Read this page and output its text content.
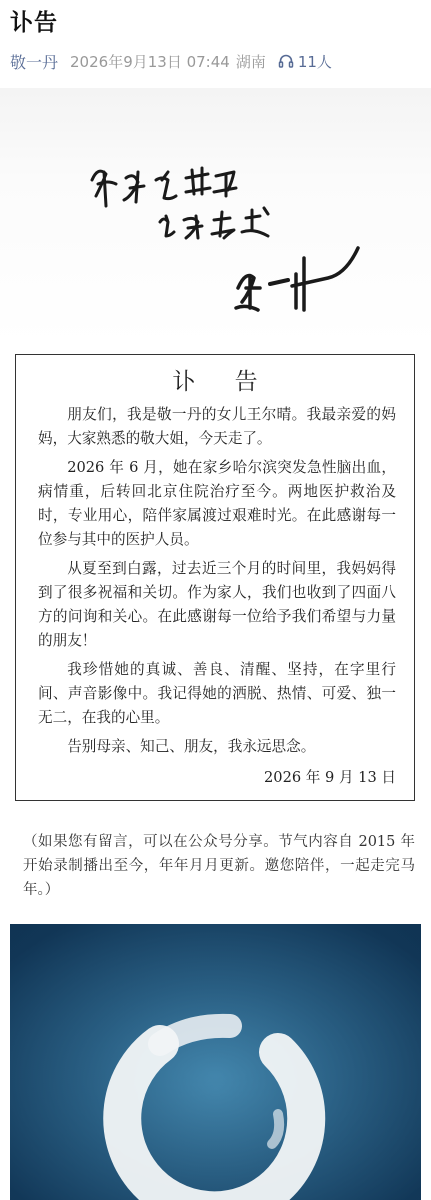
讣告
敬一丹 2026年9月13日 07:44 湖南 11人
讣 告

朋友们，我是敬一丹的女儿王尔晴。我最亲爱的妈妈，大家熟悉的敬大姐，今天走了。

2026 年 6 月，她在家乡哈尔滨突发急性脑出血，病情重，后转回北京住院治疗至今。两地医护救治及时，专业用心，陪伴家属渡过艰难时光。在此感谢每一位参与其中的医护人员。

从夏至到白露，过去近三个月的时间里，我妈妈得到了很多祝福和关切。作为家人，我们也收到了四面八方的问询和关心。在此感谢每一位给予我们希望与力量的朋友！

我珍惜她的真诚、善良、清醒、坚持，在字里行间、声音影像中。我记得她的洒脱、热情、可爱、独一无二，在我的心里。

告别母亲、知己、朋友，我永远思念。

2026 年 9 月 13 日
（如果您有留言，可以在公众号分享。节气内容自 2015 年开始录制播出至今，年年月月更新。邀您陪伴，一起走完马年。）
